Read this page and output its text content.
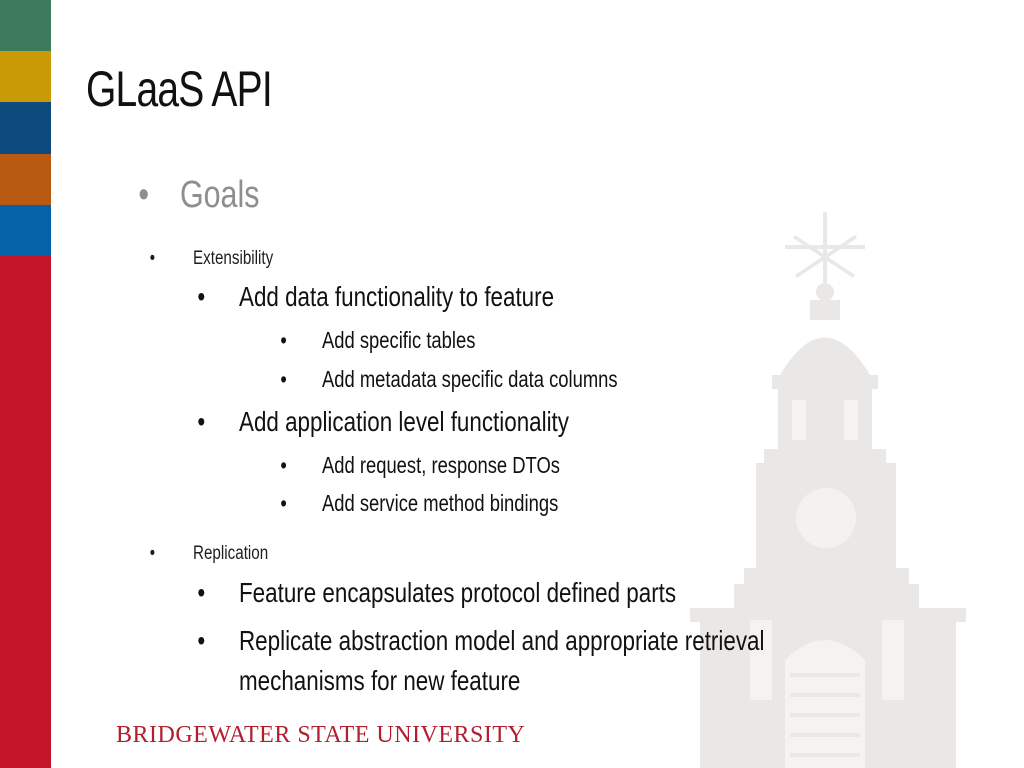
GLaaS API
• Goals
• Extensibility
• Add data functionality to feature
• Add specific tables
• Add metadata specific data columns
• Add application level functionality
• Add request, response DTOs
• Add service method bindings
• Replication
• Feature encapsulates protocol defined parts
• Replicate abstraction model and appropriate retrieval mechanisms for new feature
BRIDGEWATER STATE UNIVERSITY
